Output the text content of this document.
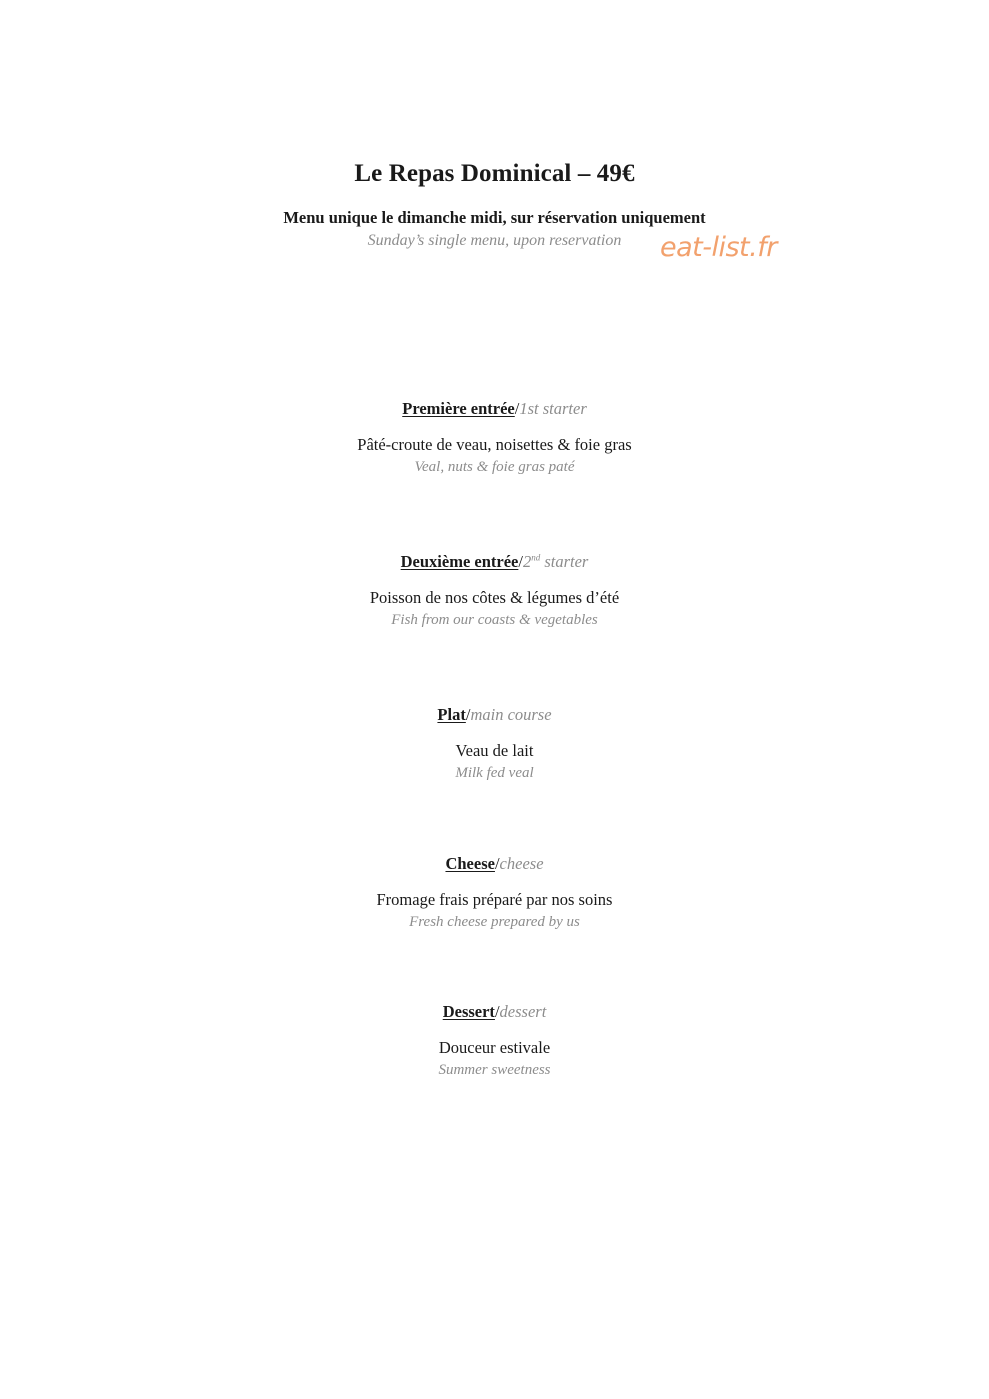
Le Repas Dominical – 49€
Menu unique le dimanche midi, sur réservation uniquement
Sunday’s single menu, upon reservation	eat-list.fr
Première entrée/1st starter
Pâté-croute de veau, noisettes & foie gras
Veal, nuts & foie gras paté
Deuxième entrée/2nd starter
Poisson de nos côtes & légumes d’été
Fish from our coasts & vegetables
Plat/main course
Veau de lait
Milk fed veal
Cheese/cheese
Fromage frais préparé par nos soins
Fresh cheese prepared by us
Dessert/dessert
Douceur estivale
Summer sweetness
